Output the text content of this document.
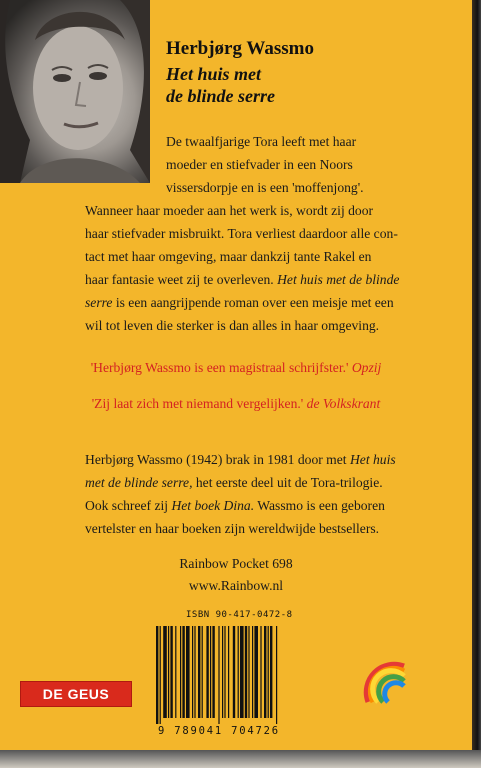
Herbjørg Wassmo
Het huis met
de blinde serre
De twaalfjarige Tora leeft met haar
moeder en stiefvader in een Noors
vissersdorpje en is een 'moffenjong'.
Wanneer haar moeder aan het werk is, wordt zij door
haar stiefvader misbruikt. Tora verliest daardoor alle con-
tact met haar omgeving, maar dankzij tante Rakel en
haar fantasie weet zij te overleven. Het huis met de blinde
serre is een aangrijpende roman over een meisje met een
wil tot leven die sterker is dan alles in haar omgeving.
'Herbjørg Wassmo is een magistraal schrijfster.' Opzij
'Zij laat zich met niemand vergelijken.' de Volkskrant
Herbjørg Wassmo (1942) brak in 1981 door met Het huis
met de blinde serre, het eerste deel uit de Tora-trilogie.
Ook schreef zij Het boek Dina. Wassmo is een geboren
vertelster en haar boeken zijn wereldwijde bestsellers.
Rainbow Pocket 698
www.Rainbow.nl
ISBN 90-417-0472-8
9 789041 704726
DE GEUS
